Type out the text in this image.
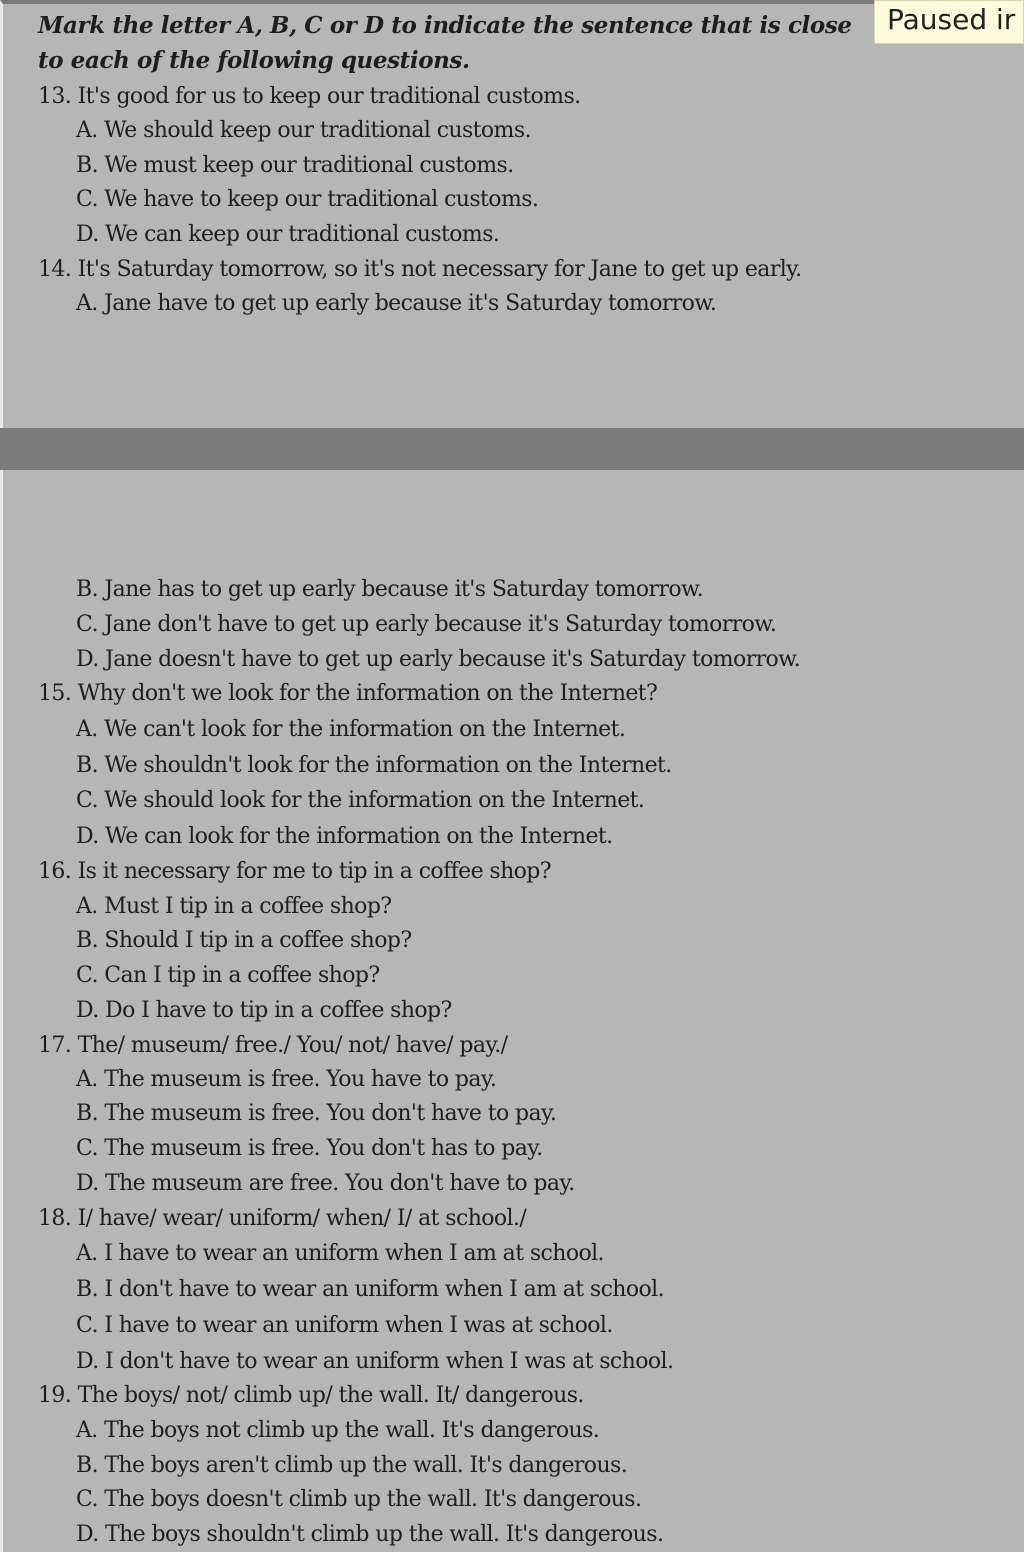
Mark the letter A, B, C or D to indicate the sentence that is close
to each of the following questions.
13. It's good for us to keep our traditional customs.
A. We should keep our traditional customs.
B. We must keep our traditional customs.
C. We have to keep our traditional customs.
D. We can keep our traditional customs.
14. It's Saturday tomorrow, so it's not necessary for Jane to get up early.
A. Jane have to get up early because it's Saturday tomorrow.
B. Jane has to get up early because it's Saturday tomorrow.
C. Jane don't have to get up early because it's Saturday tomorrow.
D. Jane doesn't have to get up early because it's Saturday tomorrow.
15. Why don't we look for the information on the Internet?
A. We can't look for the information on the Internet.
B. We shouldn't look for the information on the Internet.
C. We should look for the information on the Internet.
D. We can look for the information on the Internet.
16. Is it necessary for me to tip in a coffee shop?
A. Must I tip in a coffee shop?
B. Should I tip in a coffee shop?
C. Can I tip in a coffee shop?
D. Do I have to tip in a coffee shop?
17. The/ museum/ free./ You/ not/ have/ pay./
A. The museum is free. You have to pay.
B. The museum is free. You don't have to pay.
C. The museum is free. You don't has to pay.
D. The museum are free. You don't have to pay.
18. I/ have/ wear/ uniform/ when/ I/ at school./
A. I have to wear an uniform when I am at school.
B. I don't have to wear an uniform when I am at school.
C. I have to wear an uniform when I was at school.
D. I don't have to wear an uniform when I was at school.
19. The boys/ not/ climb up/ the wall. It/ dangerous.
A. The boys not climb up the wall. It's dangerous.
B. The boys aren't climb up the wall. It's dangerous.
C. The boys doesn't climb up the wall. It's dangerous.
D. The boys shouldn't climb up the wall. It's dangerous.
Paused ir
